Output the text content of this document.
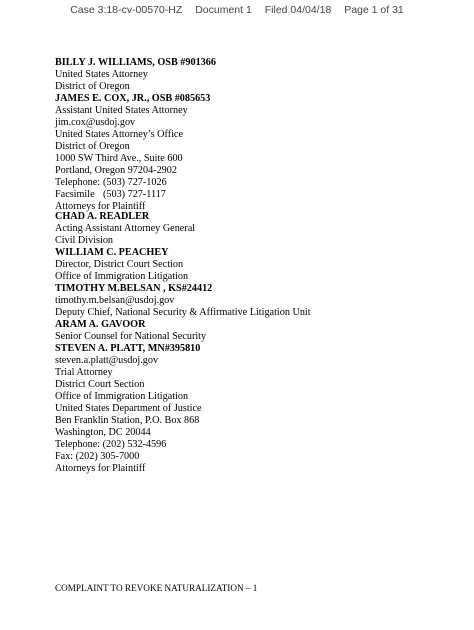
Case 3:18-cv-00570-HZ Document 1 Filed 04/04/18 Page 1 of 31
BILLY J. WILLIAMS, OSB #901366
United States Attorney
District of Oregon
JAMES E. COX, JR., OSB #085653
Assistant United States Attorney
jim.cox@usdoj.gov
United States Attorney’s Office
District of Oregon
1000 SW Third Ave., Suite 600
Portland, Oregon 97204-2902
Telephone: (503) 727-1026
Facsimile (503) 727-1117
Attorneys for Plaintiff
CHAD A. READLER
Acting Assistant Attorney General
Civil Division
WILLIAM C. PEACHEY
Director, District Court Section
Office of Immigration Litigation
TIMOTHY M.BELSAN , KS#24412
timothy.m.belsan@usdoj.gov
Deputy Chief, National Security & Affirmative Litigation Unit
ARAM A. GAVOOR
Senior Counsel for National Security
STEVEN A. PLATT, MN#395810
steven.a.platt@usdoj.gov
Trial Attorney
District Court Section
Office of Immigration Litigation
United States Department of Justice
Ben Franklin Station, P.O. Box 868
Washington, DC 20044
Telephone: (202) 532-4596
Fax: (202) 305-7000
Attorneys for Plaintiff
COMPLAINT TO REVOKE NATURALIZATION – 1
